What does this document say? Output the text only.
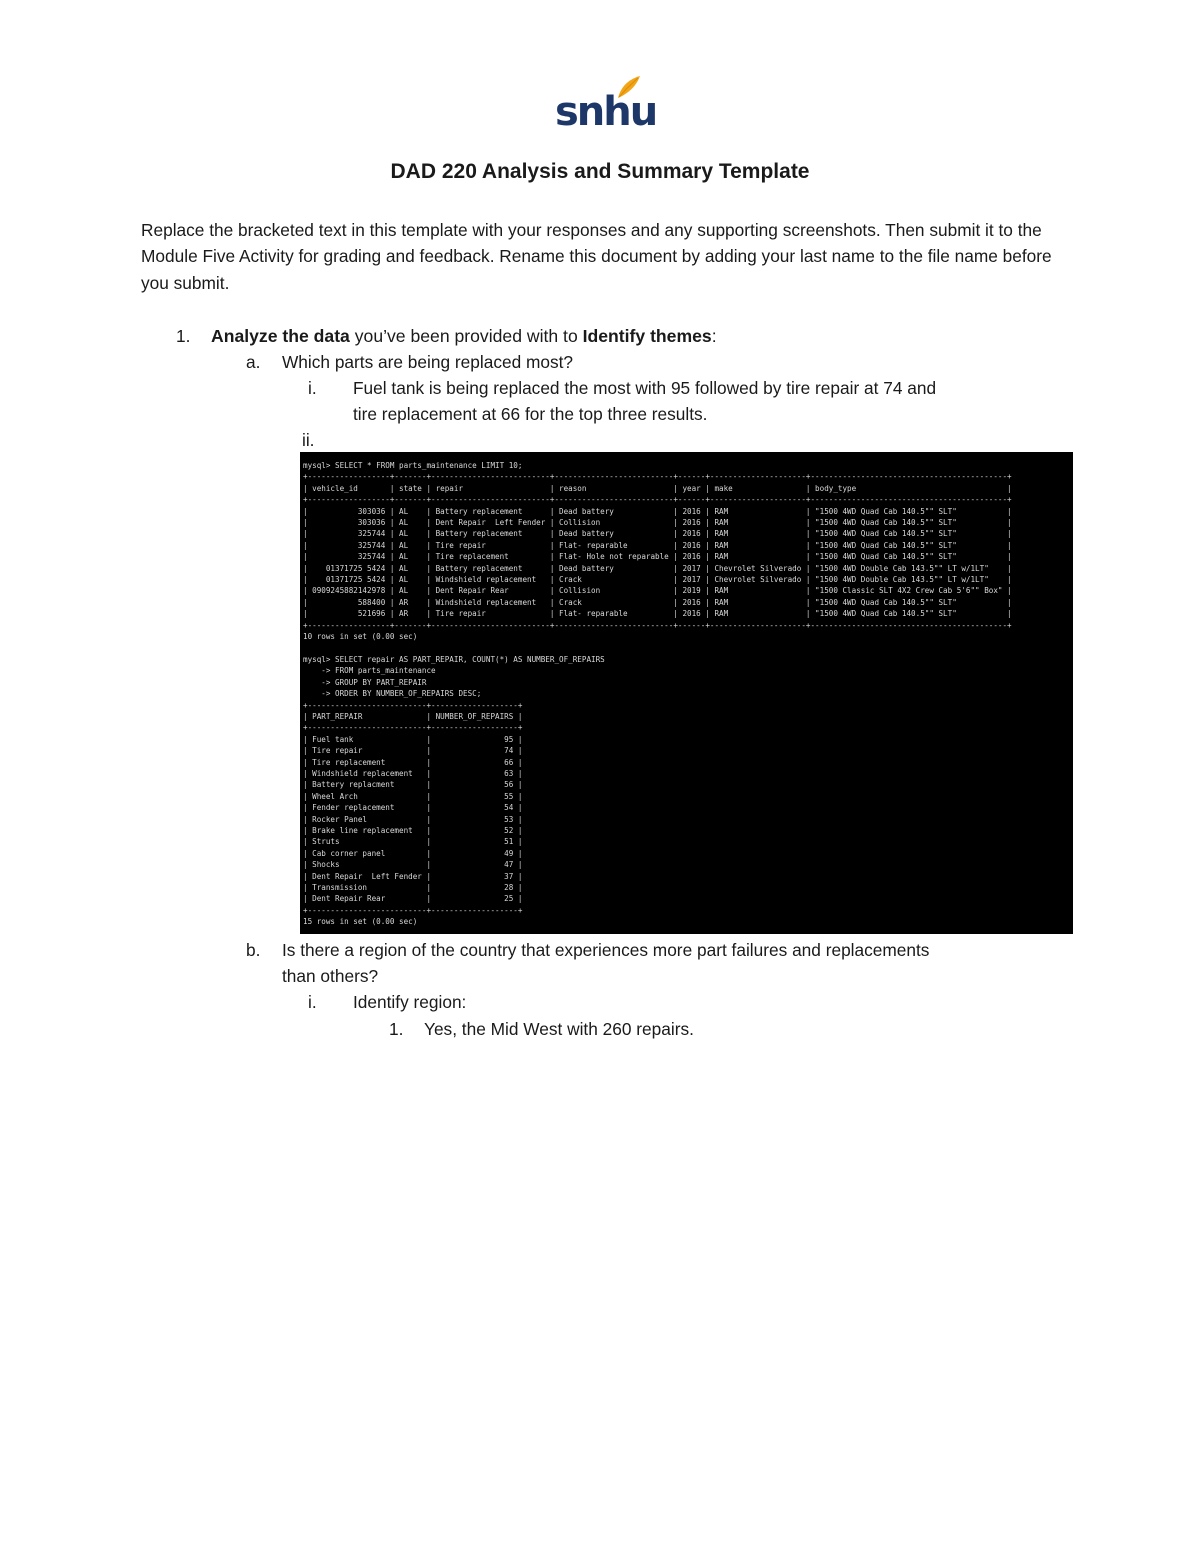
snhu
DAD 220 Analysis and Summary Template

Replace the bracketed text in this template with your responses and any supporting screenshots. Then submit it to the Module Five Activity for grading and feedback. Rename this document by adding your last name to the file name before you submit.

1. Analyze the data you’ve been provided with to Identify themes:
a. Which parts are being replaced most?
i. Fuel tank is being replaced the most with 95 followed by tire repair at 74 and
tire replacement at 66 for the top three results.
ii.
mysql> SELECT * FROM parts_maintenance LIMIT 10;
+------------------+-------+--------------------------+--------------------------+------+---------------------+-------------------------------------------+
| vehicle_id       | state | repair                   | reason                   | year | make                | body_type                                 |
+------------------+-------+--------------------------+--------------------------+------+---------------------+-------------------------------------------+
|           303036 | AL    | Battery replacement      | Dead battery             | 2016 | RAM                 | "1500 4WD Quad Cab 140.5"" SLT"           |
|           303036 | AL    | Dent Repair  Left Fender | Collision                | 2016 | RAM                 | "1500 4WD Quad Cab 140.5"" SLT"           |
|           325744 | AL    | Battery replacement      | Dead battery             | 2016 | RAM                 | "1500 4WD Quad Cab 140.5"" SLT"           |
|           325744 | AL    | Tire repair              | Flat- reparable          | 2016 | RAM                 | "1500 4WD Quad Cab 140.5"" SLT"           |
|           325744 | AL    | Tire replacement         | Flat- Hole not reparable | 2016 | RAM                 | "1500 4WD Quad Cab 140.5"" SLT"           |
|    01371725 5424 | AL    | Battery replacement      | Dead battery             | 2017 | Chevrolet Silverado | "1500 4WD Double Cab 143.5"" LT w/1LT"    |
|    01371725 5424 | AL    | Windshield replacement   | Crack                    | 2017 | Chevrolet Silverado | "1500 4WD Double Cab 143.5"" LT w/1LT"    |
| 0909245882142978 | AL    | Dent Repair Rear         | Collision                | 2019 | RAM                 | "1500 Classic SLT 4X2 Crew Cab 5'6"" Box" |
|           588400 | AR    | Windshield replacement   | Crack                    | 2016 | RAM                 | "1500 4WD Quad Cab 140.5"" SLT"           |
|           521696 | AR    | Tire repair              | Flat- reparable          | 2016 | RAM                 | "1500 4WD Quad Cab 140.5"" SLT"           |
+------------------+-------+--------------------------+--------------------------+------+---------------------+-------------------------------------------+
10 rows in set (0.00 sec)

mysql> SELECT repair AS PART_REPAIR, COUNT(*) AS NUMBER_OF_REPAIRS
-> FROM parts_maintenance
-> GROUP BY PART_REPAIR
-> ORDER BY NUMBER_OF_REPAIRS DESC;
+--------------------------+-------------------+
| PART_REPAIR              | NUMBER_OF_REPAIRS |
+--------------------------+-------------------+
| Fuel tank                |                95 |
| Tire repair              |                74 |
| Tire replacement         |                66 |
| Windshield replacement   |                63 |
| Battery replacment       |                56 |
| Wheel Arch               |                55 |
| Fender replacement       |                54 |
| Rocker Panel             |                53 |
| Brake line replacement   |                52 |
| Struts                   |                51 |
| Cab corner panel         |                49 |
| Shocks                   |                47 |
| Dent Repair  Left Fender |                37 |
| Transmission             |                28 |
| Dent Repair Rear         |                25 |
+--------------------------+-------------------+
15 rows in set (0.00 sec)
b. Is there a region of the country that experiences more part failures and replacements
than others?
i. Identify region:
1. Yes, the Mid West with 260 repairs.
